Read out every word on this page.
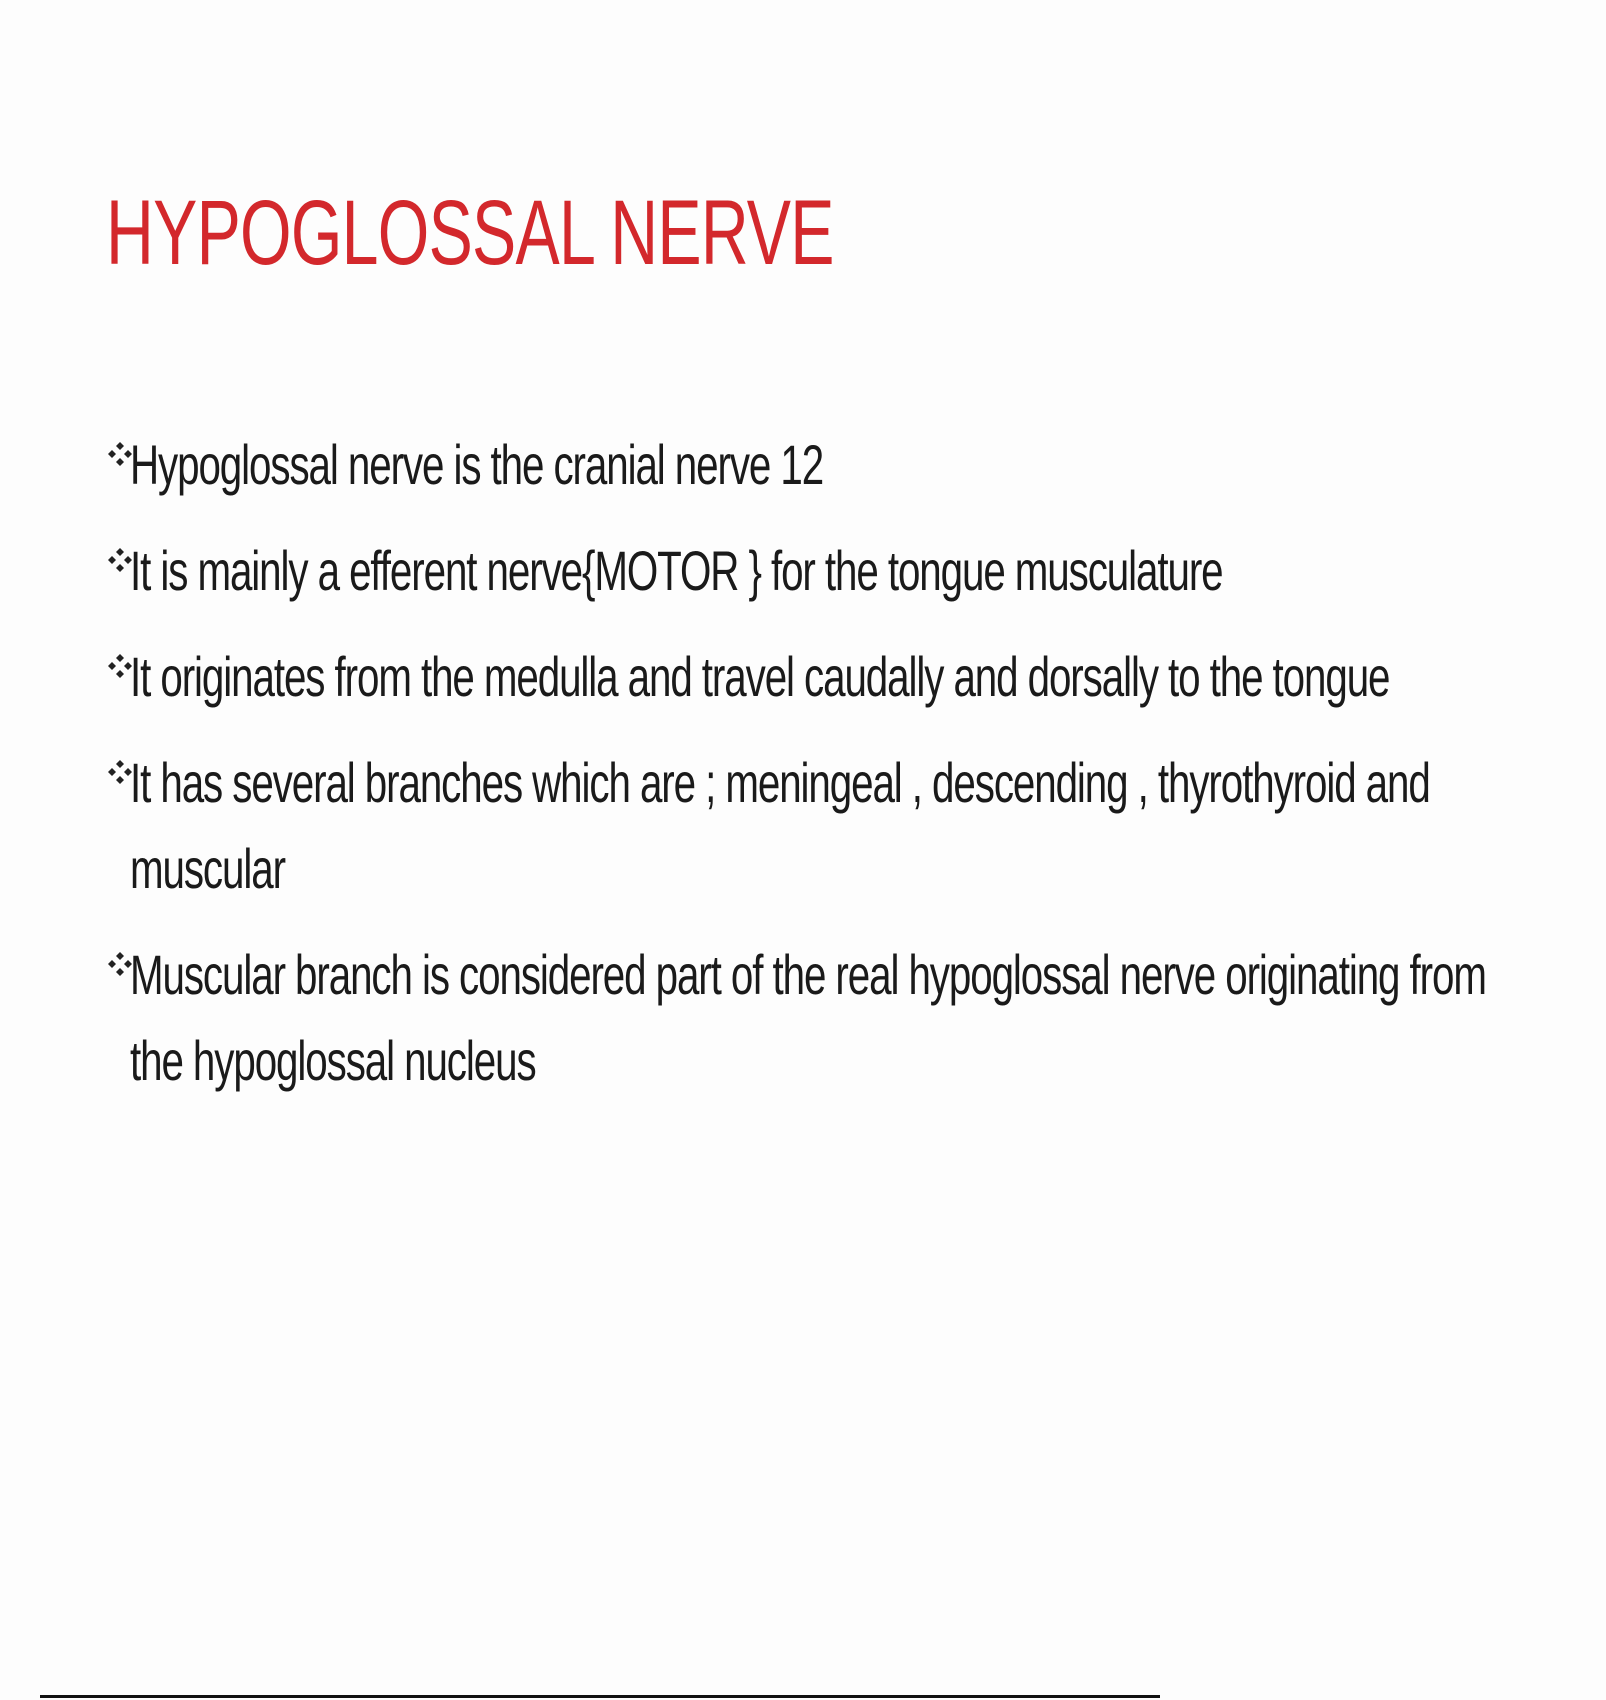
HYPOGLOSSAL NERVE
Hypoglossal nerve is the cranial nerve 12
It is mainly a efferent nerve{MOTOR } for the tongue musculature
It originates from the medulla and travel caudally and dorsally to the tongue
It has several branches which are ; meningeal , descending , thyrothyroid and muscular
Muscular branch is considered part of the real hypoglossal nerve originating from the hypoglossal nucleus
